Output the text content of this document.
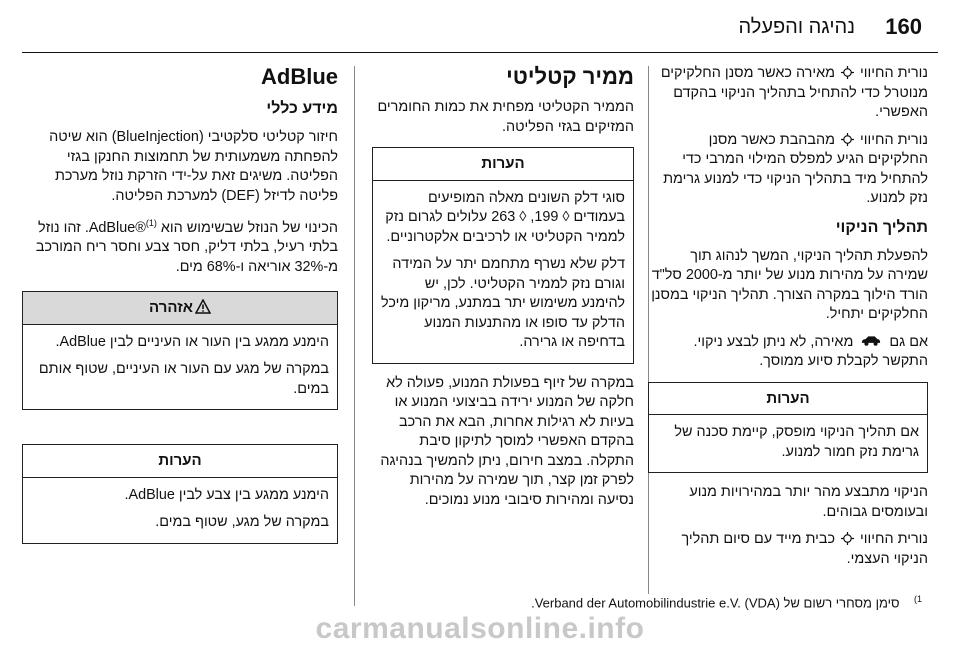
160
נהיגה והפעלה

נורית החיווי  מאירה כאשר מסנן החלקיקים מנוטרל כדי להתחיל בתהליך הניקוי בהקדם האפשרי.

נורית החיווי  מהבהבת כאשר מסנן החלקיקים הגיע למפלס המילוי המרבי כדי להתחיל מיד בתהליך הניקוי כדי למנוע גרימת נזק למנוע.

תהליך הניקוי

להפעלת תהליך הניקוי, המשך לנהוג תוך שמירה על מהירות מנוע של יותר מ-2000 סל"ד הורד הילוך במקרה הצורך. תהליך הניקוי במסנן החלקיקים יתחיל.

אם גם  מאירה, לא ניתן לבצע ניקוי. התקשר לקבלת סיוע ממוסך.

הערות

אם תהליך הניקוי מופסק, קיימת סכנה של גרימת נזק חמור למנוע.

הניקוי מתבצע מהר יותר במהירויות מנוע ובעומסים גבוהים.

נורית החיווי  כבית מייד עם סיום תהליך הניקוי העצמי.

ממיר קטליטי

הממיר הקטליטי מפחית את כמות החומרים המזיקים בגזי הפליטה.

הערות

סוגי דלק השונים מאלה המופיעים בעמודים ◊ 199, ◊ 263 עלולים לגרום נזק לממיר הקטליטי או לרכיבים אלקטרוניים.

דלק שלא נשרף מתחמם יתר על המידה וגורם נזק לממיר הקטליטי. לכן, יש להימנע משימוש יתר במתנע, מריקון מיכל הדלק עד סופו או מהתנעות המנוע בדחיפה או גרירה.

במקרה של זיוף בפעולת המנוע, פעולה לא חלקה של המנוע ירידה בביצועי המנוע או בעיות לא רגילות אחרות, הבא את הרכב בהקדם האפשרי למוסך לתיקון סיבת התקלה. במצב חירום, ניתן להמשיך בנהיגה לפרק זמן קצר, תוך שמירה על מהירות נסיעה ומהירות סיבובי מנוע נמוכים.

AdBlue
מידע כללי

חיזור קטליטי סלקטיבי (BlueInjection) הוא שיטה להפחתה משמעותית של תחמוצות החנקן בגזי הפליטה. משיגים זאת על-ידי הזרקת נוזל מערכת פליטה לדיזל (DEF) למערכת הפליטה.

הכינוי של הנוזל שבשימוש הוא AdBlue®$^{(1)}$. זהו נוזל בלתי רעיל, בלתי דליק, חסר צבע וחסר ריח המורכב מ-32% אוריאה ו-68% מים.

אזהרה

הימנע ממגע בין העור או העיניים לבין AdBlue.

במקרה של מגע עם העור או העיניים, שטוף אותם במים.

הערות

הימנע ממגע בין צבע לבין AdBlue.

במקרה של מגע, שטוף במים.

$^{1)}$    סימן מסחרי רשום של Verband der Automobilindustrie e.V. (VDA).
carmanualsonline.info
